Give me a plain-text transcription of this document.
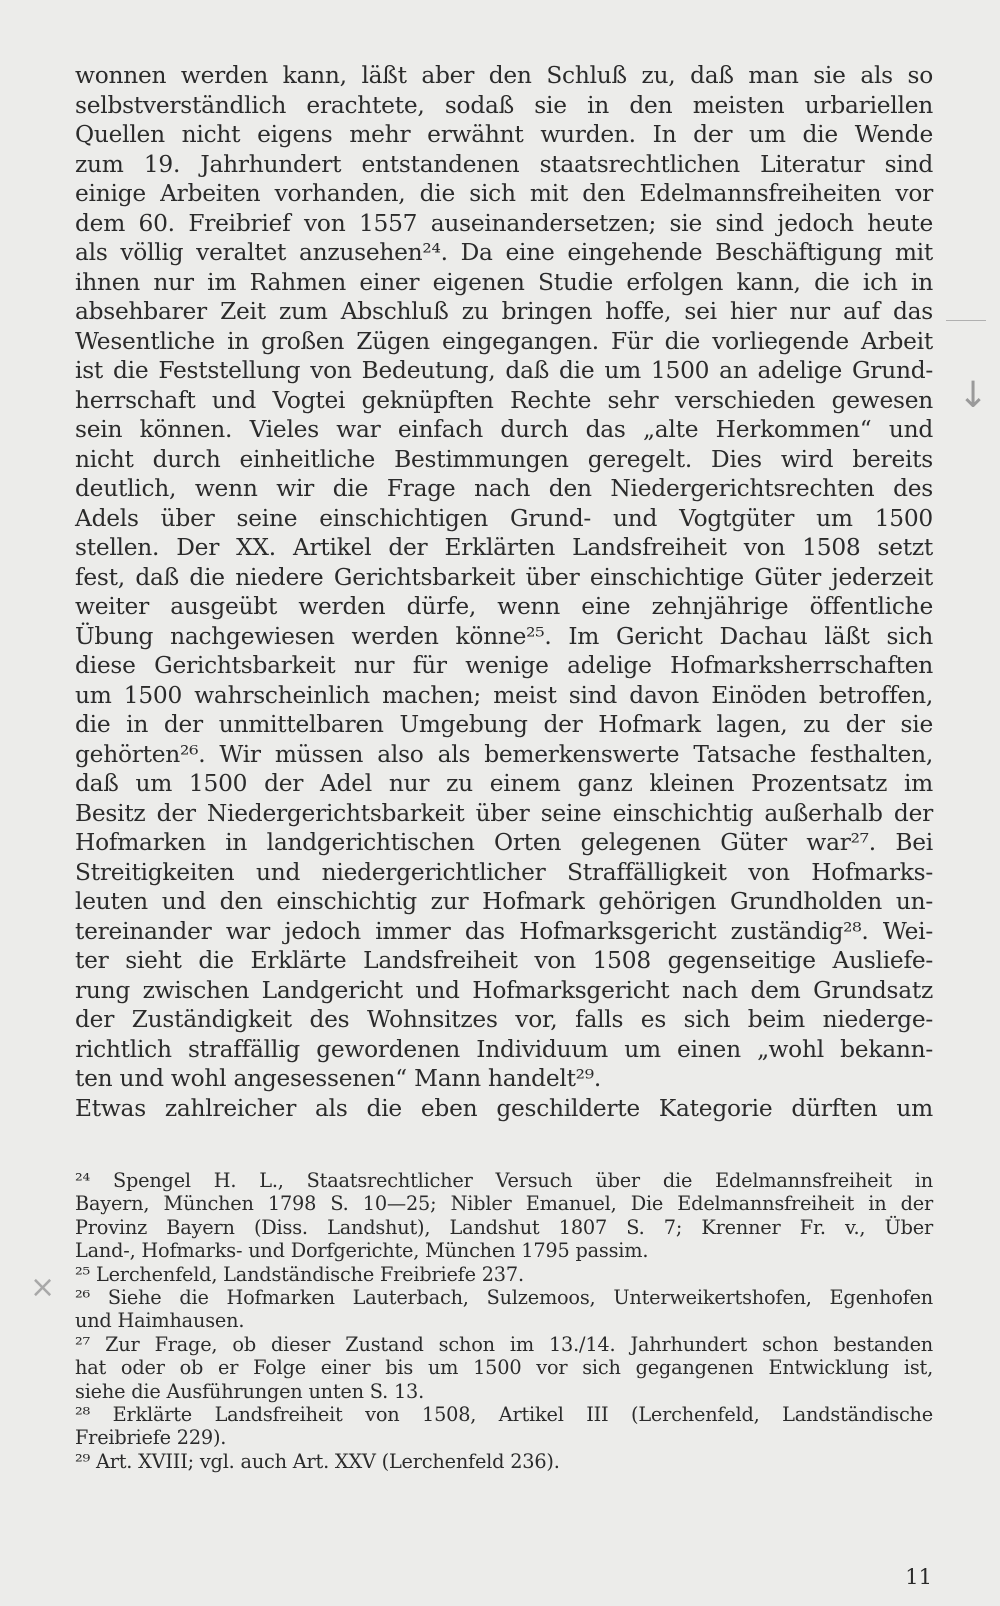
wonnen werden kann, läßt aber den Schluß zu, daß man sie als so
selbstverständlich erachtete, sodaß sie in den meisten urbariellen
Quellen nicht eigens mehr erwähnt wurden. In der um die Wende
zum 19. Jahrhundert entstandenen staatsrechtlichen Literatur sind
einige Arbeiten vorhanden, die sich mit den Edelmannsfreiheiten vor
dem 60. Freibrief von 1557 auseinandersetzen; sie sind jedoch heute
als völlig veraltet anzusehen²⁴. Da eine eingehende Beschäftigung mit
ihnen nur im Rahmen einer eigenen Studie erfolgen kann, die ich in
absehbarer Zeit zum Abschluß zu bringen hoffe, sei hier nur auf das
Wesentliche in großen Zügen eingegangen. Für die vorliegende Arbeit
ist die Feststellung von Bedeutung, daß die um 1500 an adelige Grund-
herrschaft und Vogtei geknüpften Rechte sehr verschieden gewesen
sein können. Vieles war einfach durch das „alte Herkommen“ und
nicht durch einheitliche Bestimmungen geregelt. Dies wird bereits
deutlich, wenn wir die Frage nach den Niedergerichtsrechten des
Adels über seine einschichtigen Grund- und Vogtgüter um 1500
stellen. Der XX. Artikel der Erklärten Landsfreiheit von 1508 setzt
fest, daß die niedere Gerichtsbarkeit über einschichtige Güter jederzeit
weiter ausgeübt werden dürfe, wenn eine zehnjährige öffentliche
Übung nachgewiesen werden könne²⁵. Im Gericht Dachau läßt sich
diese Gerichtsbarkeit nur für wenige adelige Hofmarksherrschaften
um 1500 wahrscheinlich machen; meist sind davon Einöden betroffen,
die in der unmittelbaren Umgebung der Hofmark lagen, zu der sie
gehörten²⁶. Wir müssen also als bemerkenswerte Tatsache festhalten,
daß um 1500 der Adel nur zu einem ganz kleinen Prozentsatz im
Besitz der Niedergerichtsbarkeit über seine einschichtig außerhalb der
Hofmarken in landgerichtischen Orten gelegenen Güter war²⁷. Bei
Streitigkeiten und niedergerichtlicher Straffälligkeit von Hofmarks-
leuten und den einschichtig zur Hofmark gehörigen Grundholden un-
tereinander war jedoch immer das Hofmarksgericht zuständig²⁸. Wei-
ter sieht die Erklärte Landsfreiheit von 1508 gegenseitige Ausliefe-
rung zwischen Landgericht und Hofmarksgericht nach dem Grundsatz
der Zuständigkeit des Wohnsitzes vor, falls es sich beim niederge-
richtlich straffällig gewordenen Individuum um einen „wohl bekann-
ten und wohl angesessenen“ Mann handelt²⁹.
Etwas zahlreicher als die eben geschilderte Kategorie dürften um
²⁴ Spengel H. L., Staatsrechtlicher Versuch über die Edelmannsfreiheit in
Bayern, München 1798 S. 10—25; Nibler Emanuel, Die Edelmannsfreiheit in der
Provinz Bayern (Diss. Landshut), Landshut 1807 S. 7; Krenner Fr. v., Über
Land-, Hofmarks- und Dorfgerichte, München 1795 passim.
²⁵ Lerchenfeld, Landständische Freibriefe 237.
²⁶ Siehe die Hofmarken Lauterbach, Sulzemoos, Unterweikertshofen, Egenhofen
und Haimhausen.
²⁷ Zur Frage, ob dieser Zustand schon im 13./14. Jahrhundert schon bestanden
hat oder ob er Folge einer bis um 1500 vor sich gegangenen Entwicklung ist,
siehe die Ausführungen unten S. 13.
²⁸ Erklärte Landsfreiheit von 1508, Artikel III (Lerchenfeld, Landständische
Freibriefe 229).
²⁹ Art. XVIII; vgl. auch Art. XXV (Lerchenfeld 236).
↓
×
11
